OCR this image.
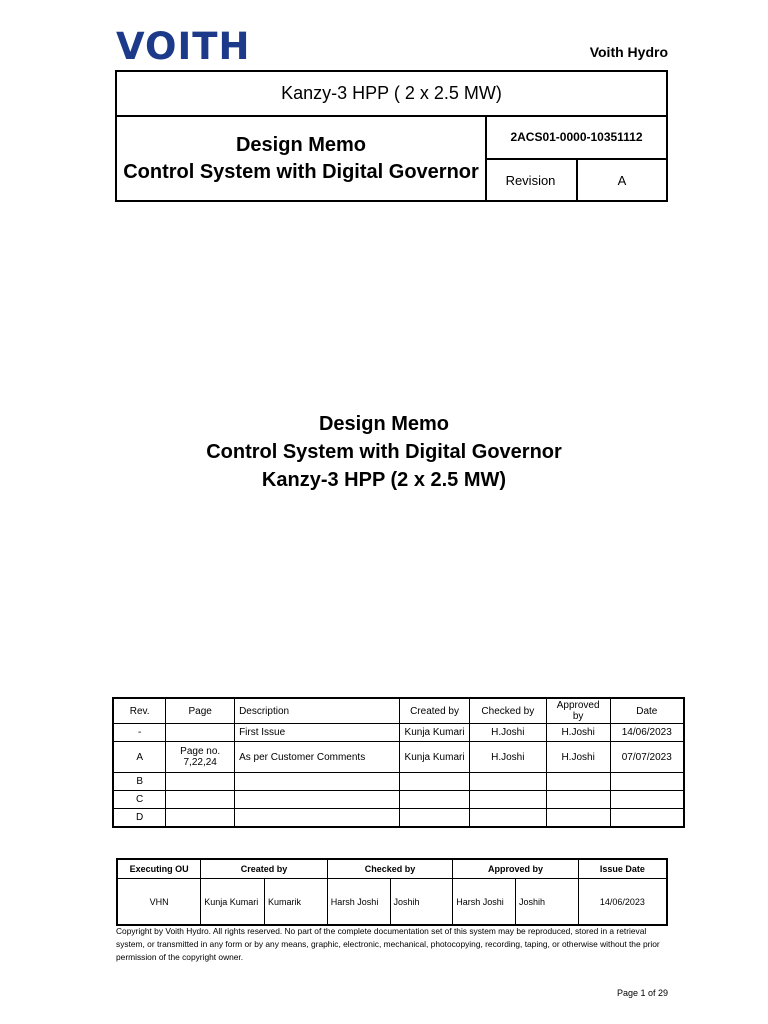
VOITH	Voith Hydro
Kanzy-3 HPP ( 2 x 2.5 MW)
Design Memo
Control System with Digital Governor
2ACS01-0000-10351112
Revision	A
Design Memo
Control System with Digital Governor
Kanzy-3 HPP (2 x 2.5 MW)
Rev.	Page	Description	Created by	Checked by	Approved by	Date
-		First Issue	Kunja Kumari	H.Joshi	H.Joshi	14/06/2023
A	Page no. 7,22,24	As per Customer Comments	Kunja Kumari	H.Joshi	H.Joshi	07/07/2023
B						
C						
D						
Executing OU	Created by		Checked by		Approved by		Issue Date
VHN	Kunja Kumari	Kumarik	Harsh Joshi	Joshih	Harsh Joshi	Joshih	14/06/2023
Copyright by Voith Hydro. All rights reserved. No part of the complete documentation set of this system may be reproduced, stored in a retrieval system, or transmitted in any form or by any means, graphic, electronic, mechanical, photocopying, recording, taping, or otherwise without the prior permission of the copyright owner.
Page 1 of 29
